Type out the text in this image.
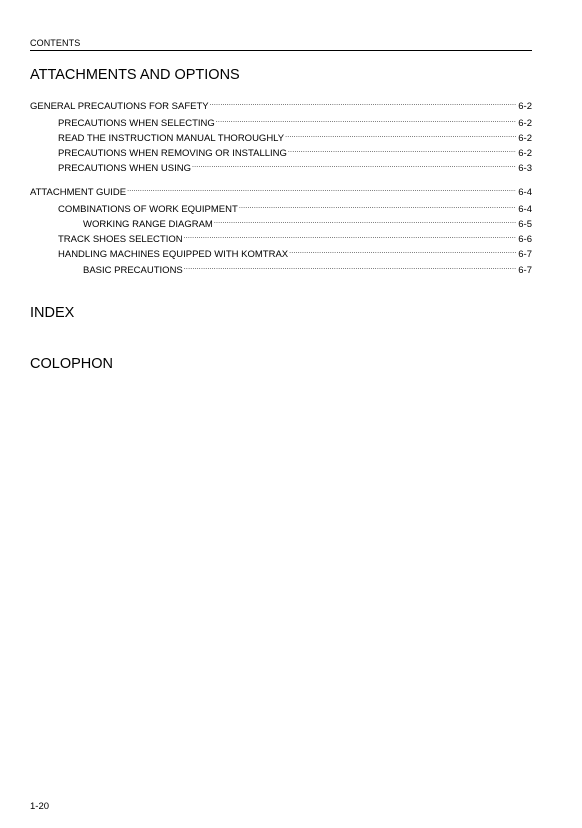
CONTENTS
ATTACHMENTS AND OPTIONS
GENERAL PRECAUTIONS FOR SAFETY .....	6-2
PRECAUTIONS WHEN SELECTING .....	6-2
READ THE INSTRUCTION MANUAL THOROUGHLY .....	6-2
PRECAUTIONS WHEN REMOVING OR INSTALLING .....	6-2
PRECAUTIONS WHEN USING .....	6-3
ATTACHMENT GUIDE .....	6-4
COMBINATIONS OF WORK EQUIPMENT .....	6-4
WORKING RANGE DIAGRAM .....	6-5
TRACK SHOES SELECTION .....	6-6
HANDLING MACHINES EQUIPPED WITH KOMTRAX .....	6-7
BASIC PRECAUTIONS .....	6-7
INDEX
COLOPHON
1-20
